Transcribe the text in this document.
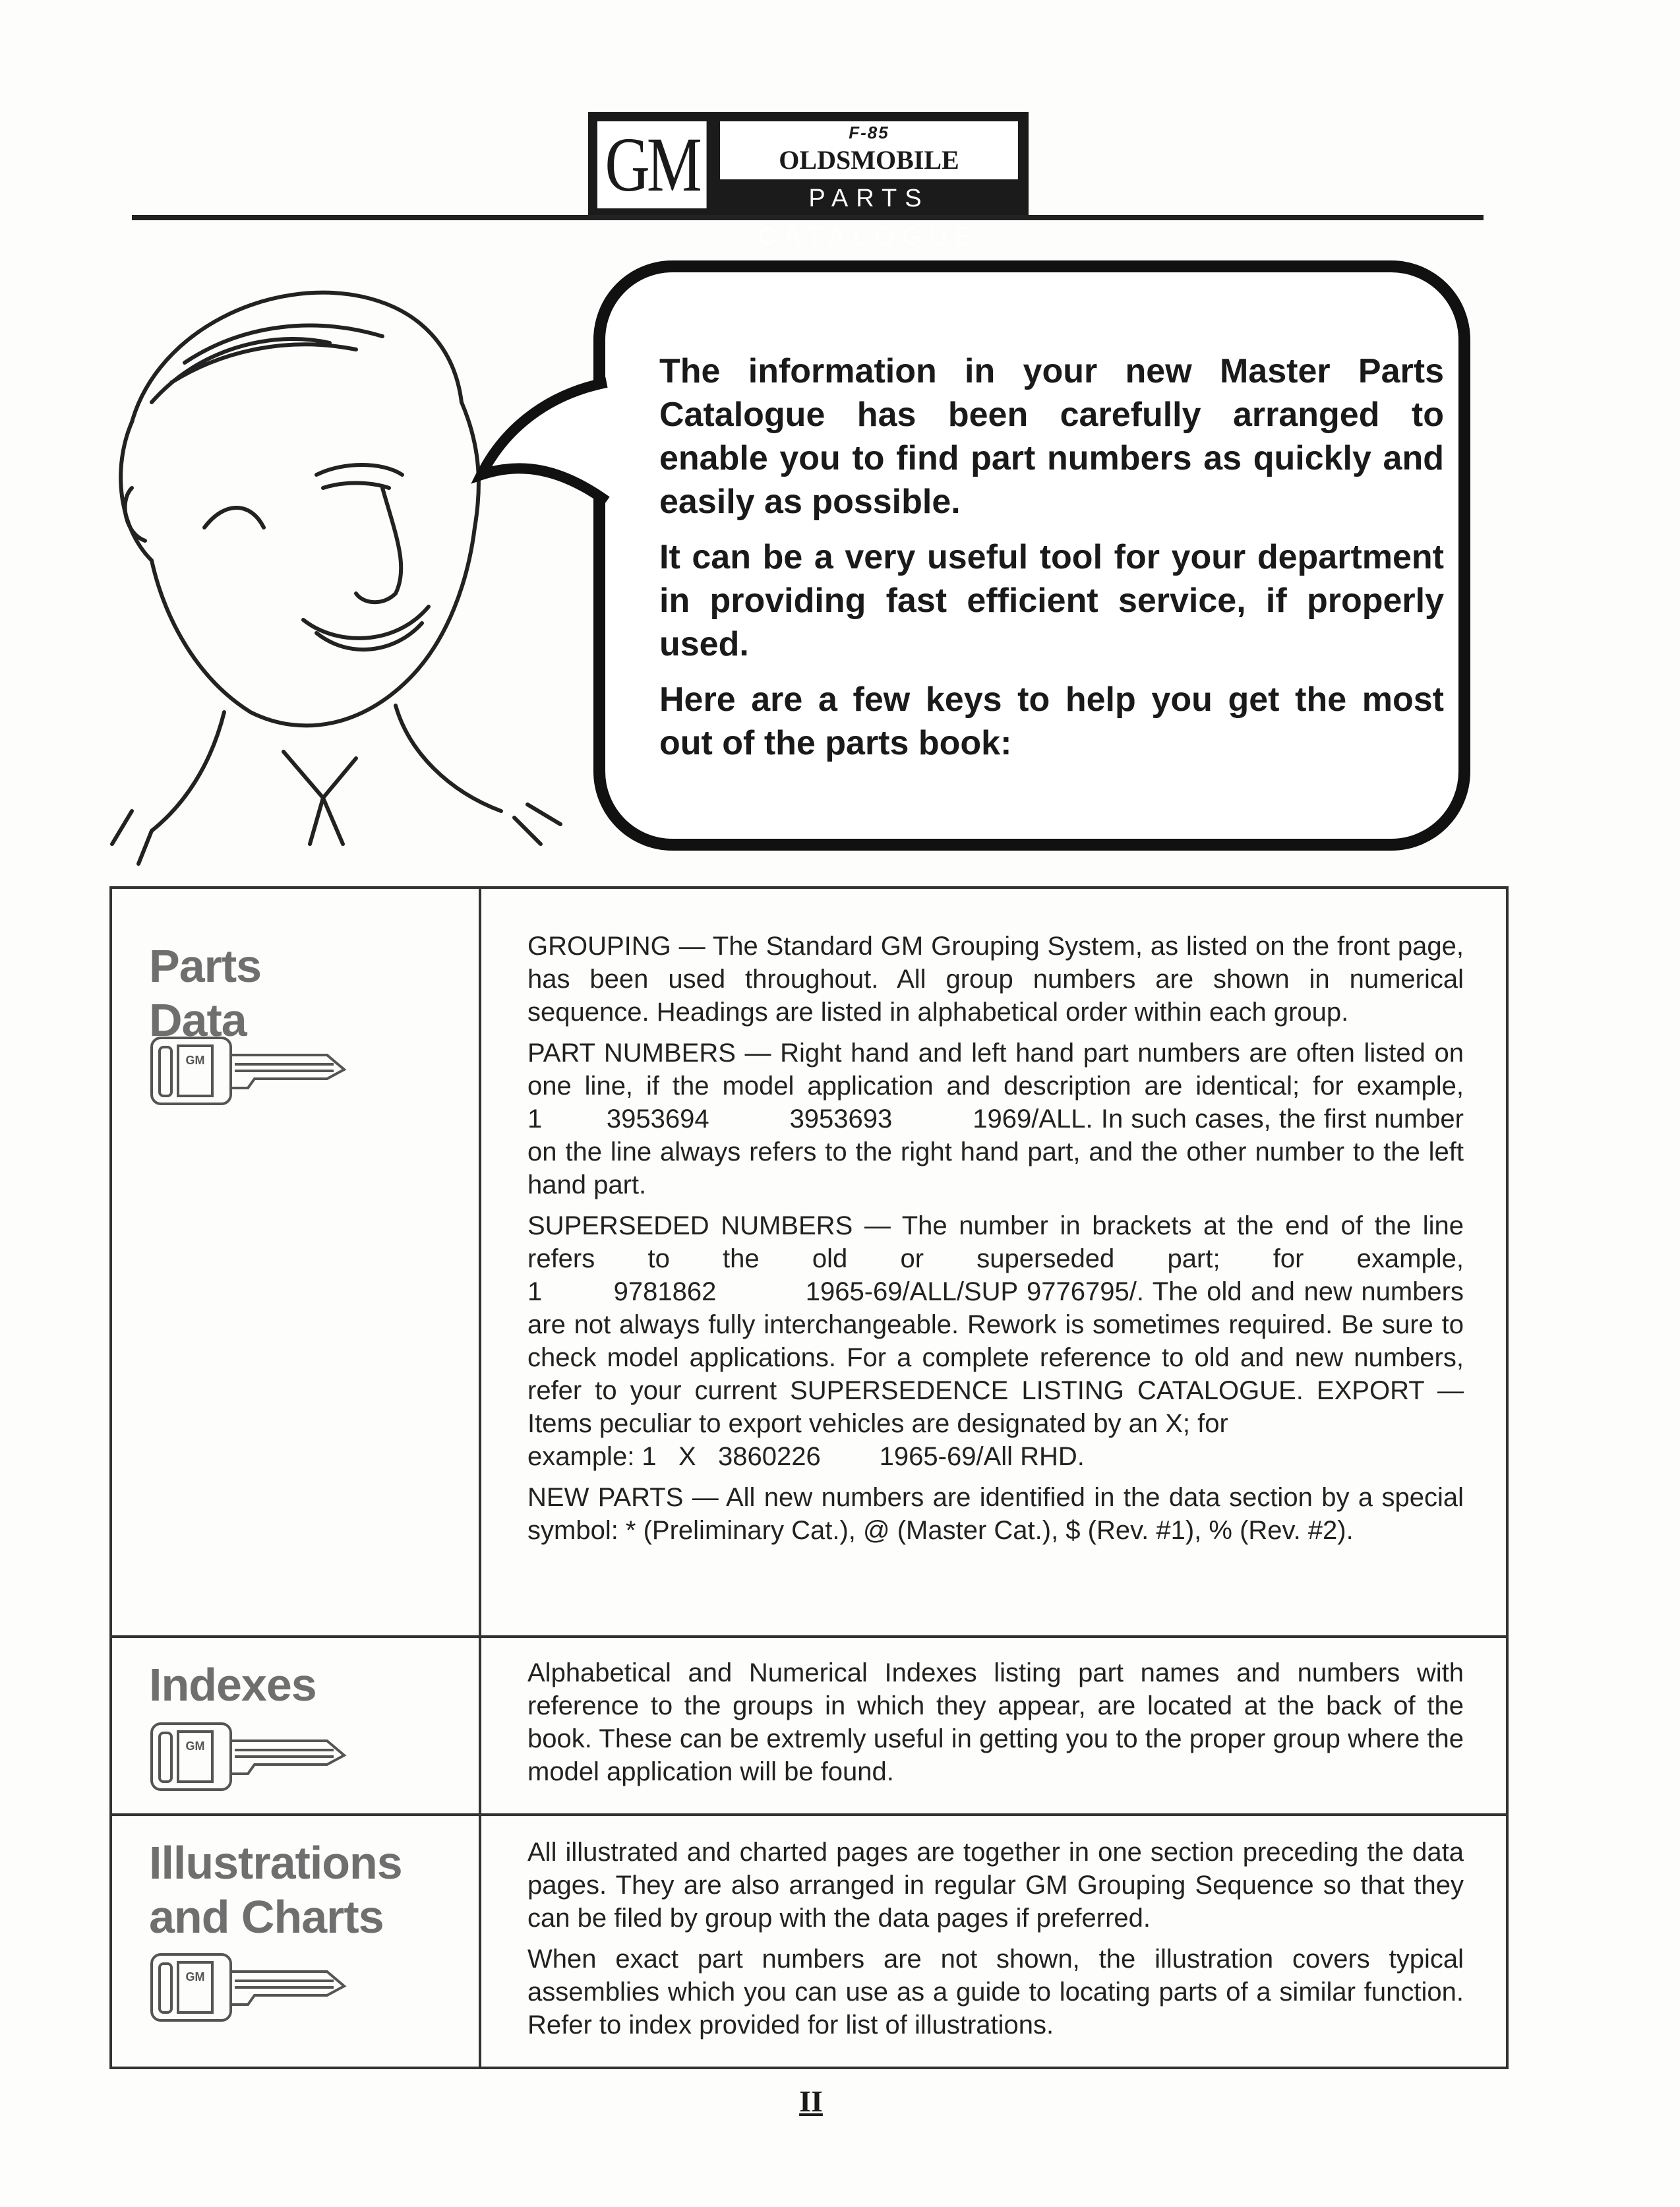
GM	F-85
OLDSMOBILE
PARTS CATALOGUE

The information in your new Master Parts Catalogue has been carefully arranged to enable you to find part numbers as quickly and easily as possible.

It can be a very useful tool for your department in providing fast efficient service, if properly used.

Here are a few keys to help you get the most out of the parts book:

Parts
Data
GM

GROUPING — The Standard GM Grouping System, as listed on the front page, has been used throughout. All group numbers are shown in numerical sequence. Headings are listed in alphabetical order within each group.

PART NUMBERS — Right hand and left hand part numbers are often listed on one line, if the model application and description are identical; for example, 1        3953694          3953693          1969/ALL. In such cases, the first number on the line always refers to the right hand part, and the other number to the left hand part.

SUPERSEDED NUMBERS — The number in brackets at the end of the line refers to the old or superseded part; for example, 1        9781862          1965-69/ALL/SUP 9776795/. The old and new numbers are not always fully interchangeable. Rework is sometimes required. Be sure to check model applications. For a complete reference to old and new numbers, refer to your current SUPERSEDENCE LISTING CATALOGUE. EXPORT — Items peculiar to export vehicles are designated by an X; for
example: 1   X   3860226        1965-69/All RHD.

NEW PARTS — All new numbers are identified in the data section by a special symbol: * (Preliminary Cat.), @ (Master Cat.), $ (Rev. #1), % (Rev. #2).

Indexes
GM
Alphabetical and Numerical Indexes listing part names and numbers with reference to the groups in which they appear, are located at the back of the book. These can be extremly useful in getting you to the proper group where the model application will be found.
Illustrations
and Charts
GM

All illustrated and charted pages are together in one section preceding the data pages. They are also arranged in regular GM Grouping Sequence so that they can be filed by group with the data pages if preferred.

When exact part numbers are not shown, the illustration covers typical assemblies which you can use as a guide to locating parts of a similar function. Refer to index provided for list of illustrations.

II
